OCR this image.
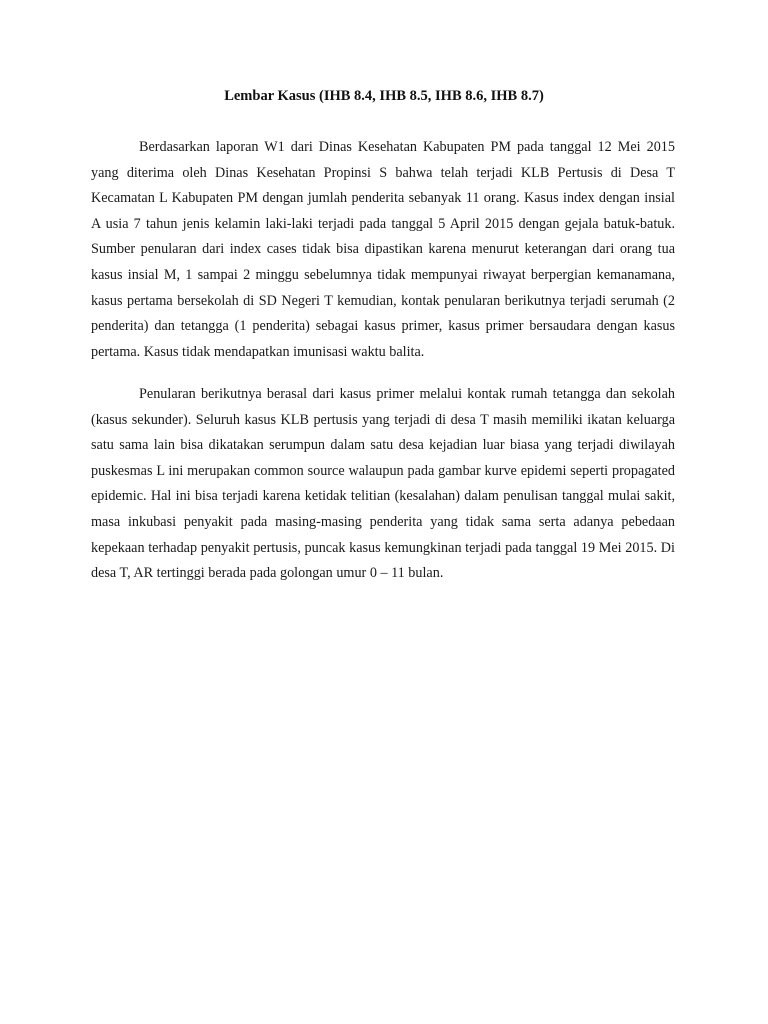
Lembar Kasus (IHB 8.4, IHB 8.5, IHB 8.6, IHB 8.7)

Berdasarkan laporan W1 dari Dinas Kesehatan Kabupaten PM pada tanggal 12 Mei 2015 yang diterima oleh Dinas Kesehatan Propinsi S bahwa telah terjadi KLB Pertusis di Desa T Kecamatan L Kabupaten PM dengan jumlah penderita sebanyak 11 orang. Kasus index dengan insial A usia 7 tahun jenis kelamin laki-laki terjadi pada tanggal 5 April 2015 dengan gejala batuk-batuk. Sumber penularan dari index cases tidak bisa dipastikan karena menurut keterangan dari orang tua kasus insial M, 1 sampai 2 minggu sebelumnya tidak mempunyai riwayat berpergian kemanamana, kasus pertama bersekolah di SD Negeri T kemudian, kontak penularan berikutnya terjadi serumah (2 penderita) dan tetangga (1 penderita) sebagai kasus primer, kasus primer bersaudara dengan kasus pertama. Kasus tidak mendapatkan imunisasi waktu balita.

Penularan berikutnya berasal dari kasus primer melalui kontak rumah tetangga dan sekolah (kasus sekunder). Seluruh kasus KLB pertusis yang terjadi di desa T masih memiliki ikatan keluarga satu sama lain bisa dikatakan serumpun dalam satu desa kejadian luar biasa yang terjadi diwilayah puskesmas L ini merupakan common source walaupun pada gambar kurve epidemi seperti propagated epidemic. Hal ini bisa terjadi karena ketidak telitian (kesalahan) dalam penulisan tanggal mulai sakit, masa inkubasi penyakit pada masing-masing penderita yang tidak sama serta adanya pebedaan kepekaan terhadap penyakit pertusis, puncak kasus kemungkinan terjadi pada tanggal 19 Mei 2015. Di desa T, AR tertinggi berada pada golongan umur 0 – 11 bulan.
